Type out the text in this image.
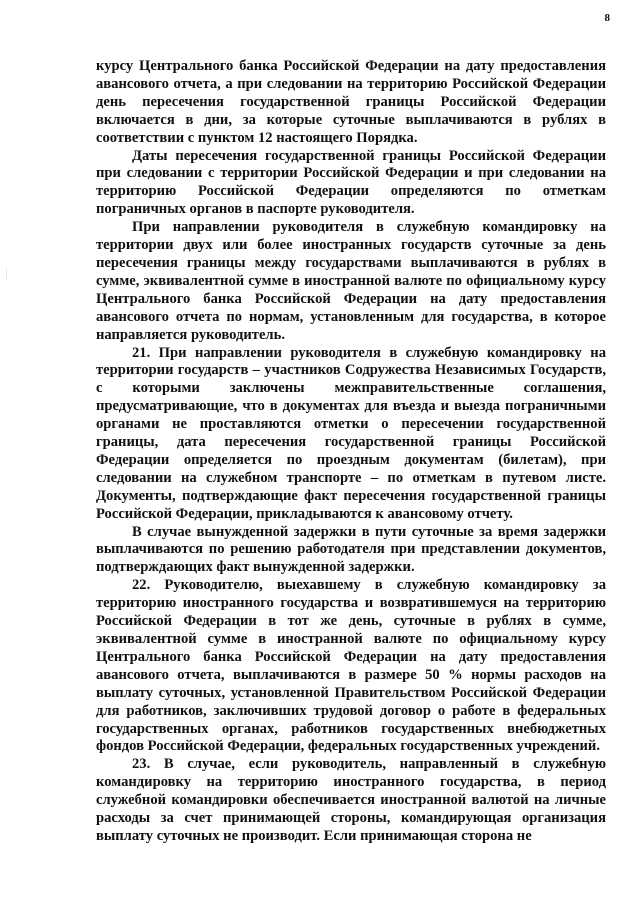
8

курсу Центрального банка Российской Федерации на дату предоставления авансового отчета, а при следовании на территорию Российской Федерации день пересечения государственной границы Российской Федерации включается в дни, за которые суточные выплачиваются в рублях в соответствии с пунктом 12 настоящего Порядка.

Даты пересечения государственной границы Российской Федерации при следовании с территории Российской Федерации и при следовании на территорию Российской Федерации определяются по отметкам пограничных органов в паспорте руководителя.

При направлении руководителя в служебную командировку на территории двух или более иностранных государств суточные за день пересечения границы между государствами выплачиваются в рублях в сумме, эквивалентной сумме в иностранной валюте по официальному курсу Центрального банка Российской Федерации на дату предоставления авансового отчета по нормам, установленным для государства, в которое направляется руководитель.

21. При направлении руководителя в служебную командировку на территории государств – участников Содружества Независимых Государств, с которыми заключены межправительственные соглашения, предусматривающие, что в документах для въезда и выезда пограничными органами не проставляются отметки о пересечении государственной границы, дата пересечения государственной границы Российской Федерации определяется по проездным документам (билетам), при следовании на служебном транспорте – по отметкам в путевом листе. Документы, подтверждающие факт пересечения государственной границы Российской Федерации, прикладываются к авансовому отчету.

В случае вынужденной задержки в пути суточные за время задержки выплачиваются по решению работодателя при представлении документов, подтверждающих факт вынужденной задержки.

22. Руководителю, выехавшему в служебную командировку за территорию иностранного государства и возвратившемуся на территорию Российской Федерации в тот же день, суточные в рублях в сумме, эквивалентной сумме в иностранной валюте по официальному курсу Центрального банка Российской Федерации на дату предоставления авансового отчета, выплачиваются в размере 50 % нормы расходов на выплату суточных, установленной Правительством Российской Федерации для работников, заключивших трудовой договор о работе в федеральных государственных органах, работников государственных внебюджетных фондов Российской Федерации, федеральных государственных учреждений.

23. В случае, если руководитель, направленный в служебную командировку на территорию иностранного государства, в период служебной командировки обеспечивается иностранной валютой на личные расходы за счет принимающей стороны, командирующая организация выплату суточных не производит. Если принимающая сторона не
